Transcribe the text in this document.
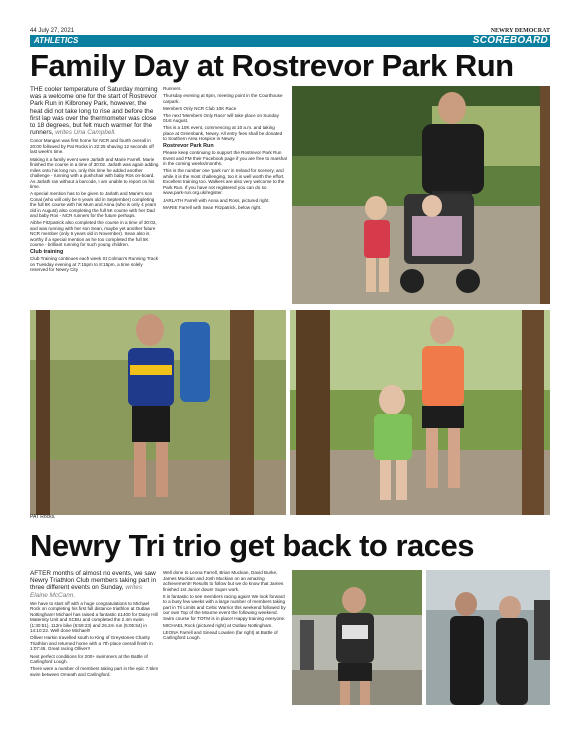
44 July 27, 2021	NEWRY DEMOCRAT
ATHLETICS	SCOREBOARD
Family Day at Rostrevor Park Run

THE cooler temperature of Saturday morning was a welcome one for the start of Rostrevor Park Run in Kilbroney Park, however, the heat did not take long to rise and before the first lap was over the thermometer was close to 18 degrees, but felt much warmer for the runners, writes Una Campbell.

Conor Mangan was first home for NCR and fourth overall in 20:00 followed by Pat Rocks in 22:25 shaving 12 seconds off last week's time.

Making it a family event were Jarlath and Marie Farrell. Marie finished the course in a time of 30:02. Jarlath was again adding miles onto his long run, only this time he added another challenge - running with a pushchair with baby Ros on-board. As Jarlath ran without a barcode, I am unable to report on his time.

A special mention has to be given to Jarlath and Marie's son Conal (who will only be 6 years old in September) completing the full 5K course with his Mum and Anna (who is only 4 years old in August) also completing the full 5K course with her Dad and baby Ros - NCR runners for the future perhaps.

Aibhe Fitzpatrick also completed the course in a time of 30:02, and was running with her son Sean, maybe yet another future NCR member (only 6 years old in November). Sean also is worthy if a special mention as he too completed the full 5K course - brilliant running for such young children.

Club training

Club Training continues each week St Colman's Running Track on Tuesday evening at 7:15pm to 8:15pm, a time solely reserved for Newry City

Runners.

Thursday evening at 6pm, meeting point in the Courthouse carpark.

Members Only NCR Club 10K Race

The next 'Members Only Race' will take place on Sunday 01st August.

This is a 10K event, commencing at 10 a.m. and taking place at Greenbank, Newry. All entry fees shall be donated to Southern Area Hospice in Newry.

Rostrevor Park Run

Please keep continuing to support the Rostrevor Park Run Event and FM their Facebook page if you are free to marshal in the coming weeks/months.

This is the number one 'park run' in Ireland for scenery, and while it is the most challenging, too it is well worth the effort. Excellent training too. Walkers are also very welcome to the Park Run. If you have not registered you can do so www.park-run.org.uk/register.

JARLATH Farrell with Anna and Ross, pictured right.

MARIE Farrell with Sean Fitzpatrick, below right.

PAT Rocks.
Newry Tri trio get back to races

AFTER months of almost no events, we saw Newry Triathlon Club members taking part in three different events on Sunday, writes Elaine McCann.

We have to start off with a huge congratulations to Michael Rock on completing his first full distance triathlon at Outlaw Nottingham! Michael has raised a fantastic £1400 for Daisy Hill Maternity Unit and SCBU and completed the 2.4m swim (1:30:51), 112m bike (6:59:23) and 26.2m run (5:05:54) in 14:10:22. Well done Michael!!

Olliver Harkin travelled south to King of Greystones Charity Triathlon and returned home with a 7th place overall finish in 1:07:46. Great racing Olliver!!

Next perfect conditions for 200+ swimmers at the Battle of Carlingford Lough.

There were a number of members taking part in the epic 7.5km swim between Omeath and Carlingford.

Well done to Leona Farrell, Brian Muckian, David Burke, James Muckian and Josh Muckian on an amazing achievement!! Results to follow but we do know that James finished 1st Junior down! Super work.

It is fantastic to see members racing again! We look forward to a busy few weeks with a large number of members taking part in Tri Limits and Celtic Warrior this weekend followed by our own Top of the Mourne event the following weekend. Swim course for TOTM is in place! Happy training everyone.

MICHAEL Rock (pictured right) at Outlaw Nottingham.

LEONA Farrell and Sinead Lowden (far right) at Battle of Carlingford Lough.
